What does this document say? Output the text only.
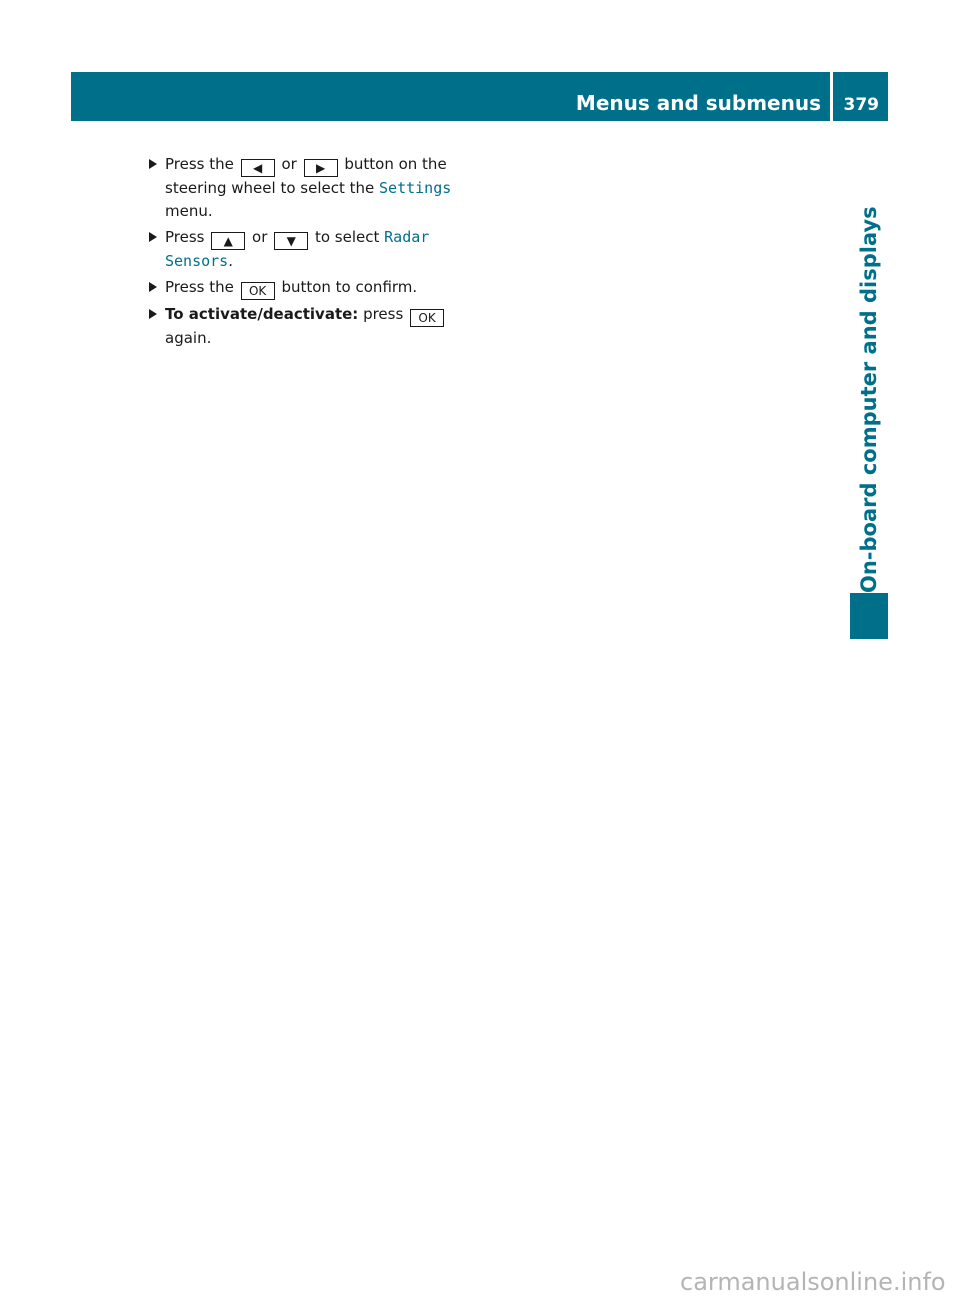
Menus and submenus 379
On-board computer and displays
Press the ◀ or ▶ button on the steering wheel to select the Settings menu.
Press ▲ or ▼ to select Radar Sensors.
Press the OK button to confirm.
To activate/deactivate: press OK again.
carmanualsonline.info
